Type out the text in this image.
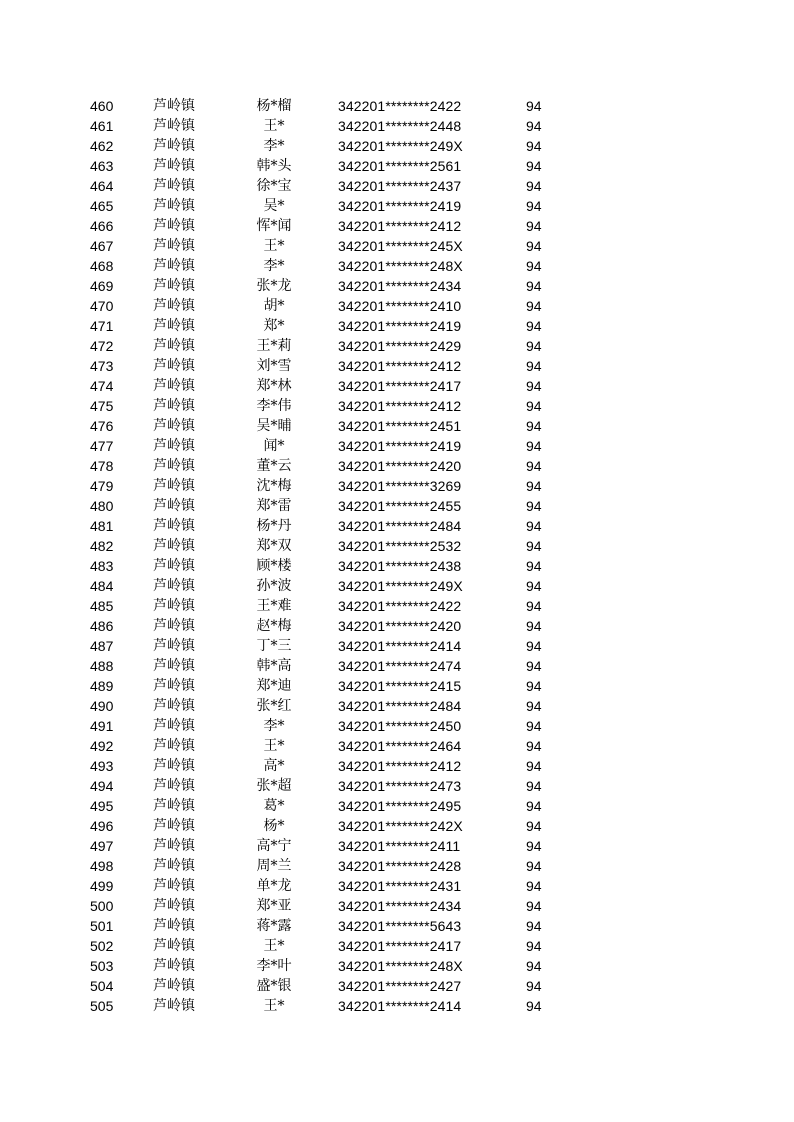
460	芦岭镇	杨*榴	342201********2422	94
461	芦岭镇	王*	342201********2448	94
462	芦岭镇	李*	342201********249X	94
463	芦岭镇	韩*头	342201********2561	94
464	芦岭镇	徐*宝	342201********2437	94
465	芦岭镇	吴*	342201********2419	94
466	芦岭镇	恽*闻	342201********2412	94
467	芦岭镇	王*	342201********245X	94
468	芦岭镇	李*	342201********248X	94
469	芦岭镇	张*龙	342201********2434	94
470	芦岭镇	胡*	342201********2410	94
471	芦岭镇	郑*	342201********2419	94
472	芦岭镇	王*莉	342201********2429	94
473	芦岭镇	刘*雪	342201********2412	94
474	芦岭镇	郑*林	342201********2417	94
475	芦岭镇	李*伟	342201********2412	94
476	芦岭镇	吴*晡	342201********2451	94
477	芦岭镇	闻*	342201********2419	94
478	芦岭镇	董*云	342201********2420	94
479	芦岭镇	沈*梅	342201********3269	94
480	芦岭镇	郑*雷	342201********2455	94
481	芦岭镇	杨*丹	342201********2484	94
482	芦岭镇	郑*双	342201********2532	94
483	芦岭镇	顾*楼	342201********2438	94
484	芦岭镇	孙*波	342201********249X	94
485	芦岭镇	王*难	342201********2422	94
486	芦岭镇	赵*梅	342201********2420	94
487	芦岭镇	丁*三	342201********2414	94
488	芦岭镇	韩*高	342201********2474	94
489	芦岭镇	郑*迪	342201********2415	94
490	芦岭镇	张*红	342201********2484	94
491	芦岭镇	李*	342201********2450	94
492	芦岭镇	王*	342201********2464	94
493	芦岭镇	高*	342201********2412	94
494	芦岭镇	张*超	342201********2473	94
495	芦岭镇	葛*	342201********2495	94
496	芦岭镇	杨*	342201********242X	94
497	芦岭镇	高*宁	342201********2411	94
498	芦岭镇	周*兰	342201********2428	94
499	芦岭镇	单*龙	342201********2431	94
500	芦岭镇	郑*亚	342201********2434	94
501	芦岭镇	蒋*露	342201********5643	94
502	芦岭镇	王*	342201********2417	94
503	芦岭镇	李*叶	342201********248X	94
504	芦岭镇	盛*银	342201********2427	94
505	芦岭镇	王*	342201********2414	94
